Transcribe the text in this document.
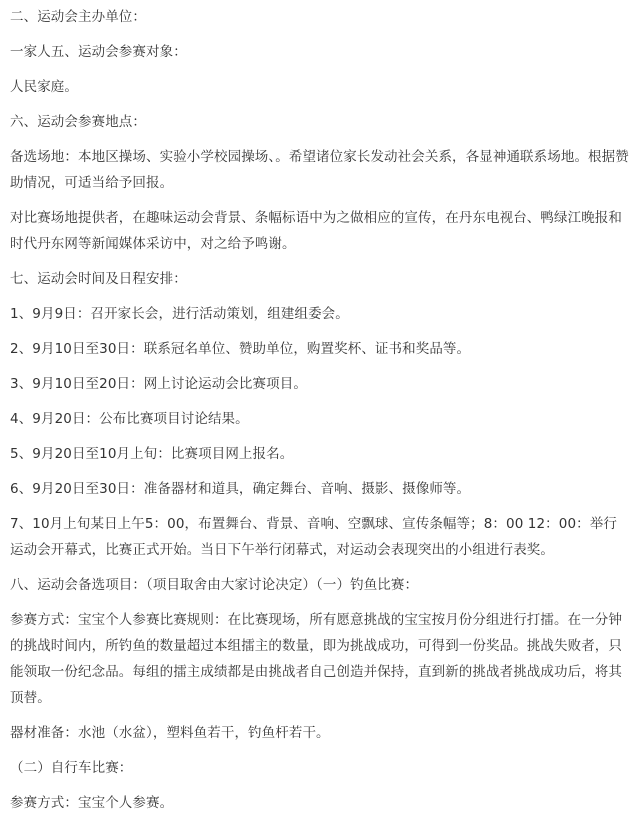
二、运动会主办单位：

一家人五、运动会参赛对象：

人民家庭。

六、运动会参赛地点：

备选场地：本地区操场、实验小学校园操场、。希望诸位家长发动社会关系，各显神通联系场地。根据赞助情况，可适当给予回报。

对比赛场地提供者，在趣味运动会背景、条幅标语中为之做相应的宣传，在丹东电视台、鸭绿江晚报和时代丹东网等新闻媒体采访中，对之给予鸣谢。

七、运动会时间及日程安排：

1、9月9日：召开家长会，进行活动策划，组建组委会。

2、9月10日至30日：联系冠名单位、赞助单位，购置奖杯、证书和奖品等。

3、9月10日至20日：网上讨论运动会比赛项目。

4、9月20日：公布比赛项目讨论结果。

5、9月20日至10月上旬：比赛项目网上报名。

6、9月20日至30日：准备器材和道具，确定舞台、音响、摄影、摄像师等。

7、10月上旬某日上午5：00，布置舞台、背景、音响、空飘球、宣传条幅等；8：00 12：00：举行运动会开幕式，比赛正式开始。当日下午举行闭幕式，对运动会表现突出的小组进行表奖。

八、运动会备选项目：（项目取舍由大家讨论决定）（一）钓鱼比赛：

参赛方式：宝宝个人参赛比赛规则：在比赛现场，所有愿意挑战的宝宝按月份分组进行打擂。在一分钟的挑战时间内，所钓鱼的数量超过本组擂主的数量，即为挑战成功，可得到一份奖品。挑战失败者，只能领取一份纪念品。每组的擂主成绩都是由挑战者自己创造并保持，直到新的挑战者挑战成功后，将其顶替。

器材准备：水池（水盆），塑料鱼若干，钓鱼杆若干。

（二）自行车比赛：

参赛方式：宝宝个人参赛。
